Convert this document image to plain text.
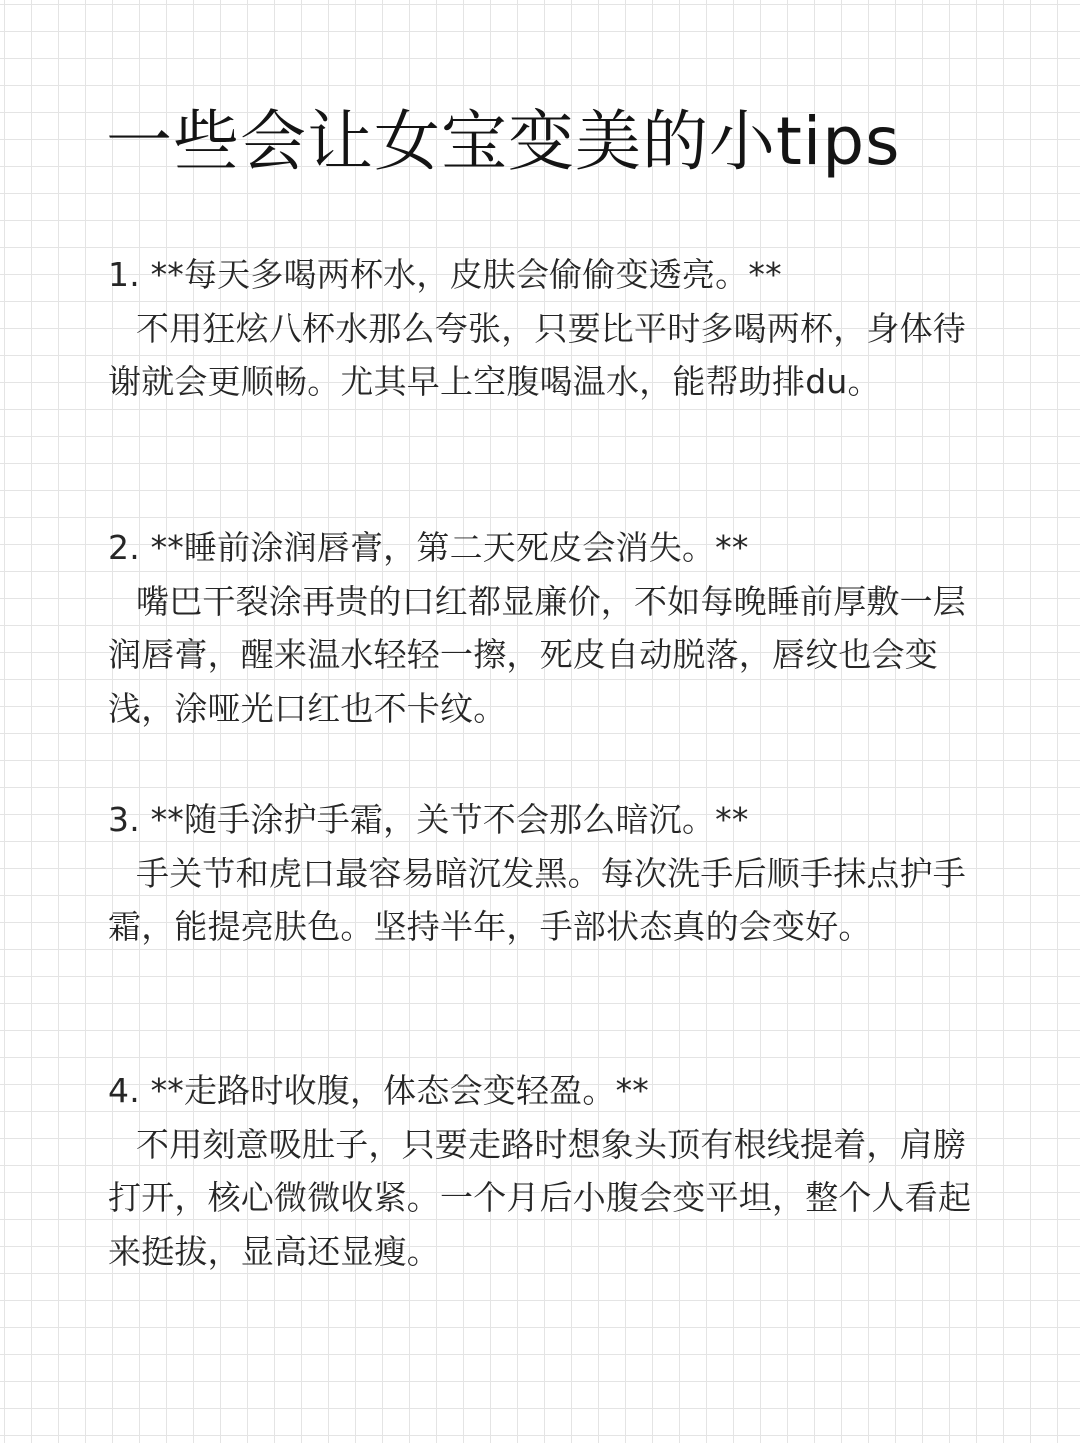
一些会让女宝变美的小tips

1. **每天多喝两杯水，皮肤会偷偷变透亮。**

不用狂炫八杯水那么夸张，只要比平时多喝两杯，身体待谢就会更顺畅。尤其早上空腹喝温水，能帮助排du。

2. **睡前涂润唇膏，第二天死皮会消失。**

嘴巴干裂涂再贵的口红都显廉价，不如每晚睡前厚敷一层润唇膏，醒来温水轻轻一擦，死皮自动脱落，唇纹也会变浅，涂哑光口红也不卡纹。

3. **随手涂护手霜，关节不会那么暗沉。**

手关节和虎口最容易暗沉发黑。每次洗手后顺手抹点护手霜，能提亮肤色。坚持半年，手部状态真的会变好。

4. **走路时收腹，体态会变轻盈。**

不用刻意吸肚子，只要走路时想象头顶有根线提着，肩膀打开，核心微微收紧。一个月后小腹会变平坦，整个人看起来挺拔，显高还显瘦。
